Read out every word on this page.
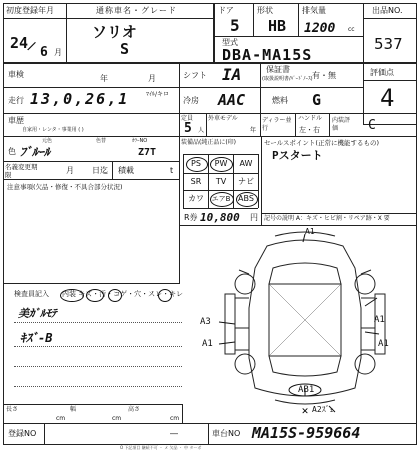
初度登録年月
24
/ 6 月
通称車名・グレード
ソリオ
S
ドア
5
形状
HB
排気量
1200 cc
型式
DBA-MA15S
出品NO.
537
車検	年	月	シフト IA	保証書
(取扱説明書/ﾊﾞｰﾄﾞﾉｰｽ) 有・無	評価点
4
走行 13,0,26,1	ﾏｲﾙ/キロ
冷房 AAC	燃料 G
車歴
自家用・レンタ・事業用 ( )
定員
5 人
外車モデル
年
ディラー並行
ハンドル
左・右
内装評価	C
色
元色	色替	ｶﾗｰNO
ﾌﾞﾙｰﾙ	Z7T
装備品(純正品に(印)	セールスポイント(正常に機能するもの)
Pスタート
PS	PW	AW
SR	TV	ナビ
カワ	エアB ABS
R券 10,800 円 記号の説明 A：キズ・ヒビ割・リペア跡・X 要
名義変更期限	月 日迄 積載	t
注意事項(欠品・修復・不具合部分状況)
検査員記入 内装 キズ・汚・コゲ・穴・スレ・キレ
美ｶﾞﾙﾓﾃ
ｷｽﾞ-B
✕
A1
A1
A1
A3
A1
AB1
A2ｽﾞｪ
長さ
cm
幅
cm
高さ
cm
登録NO	―	車台NO MA15S-959664
O 下記項目 継続不可 ・ メ 欠品 ・ 中 ターボ
